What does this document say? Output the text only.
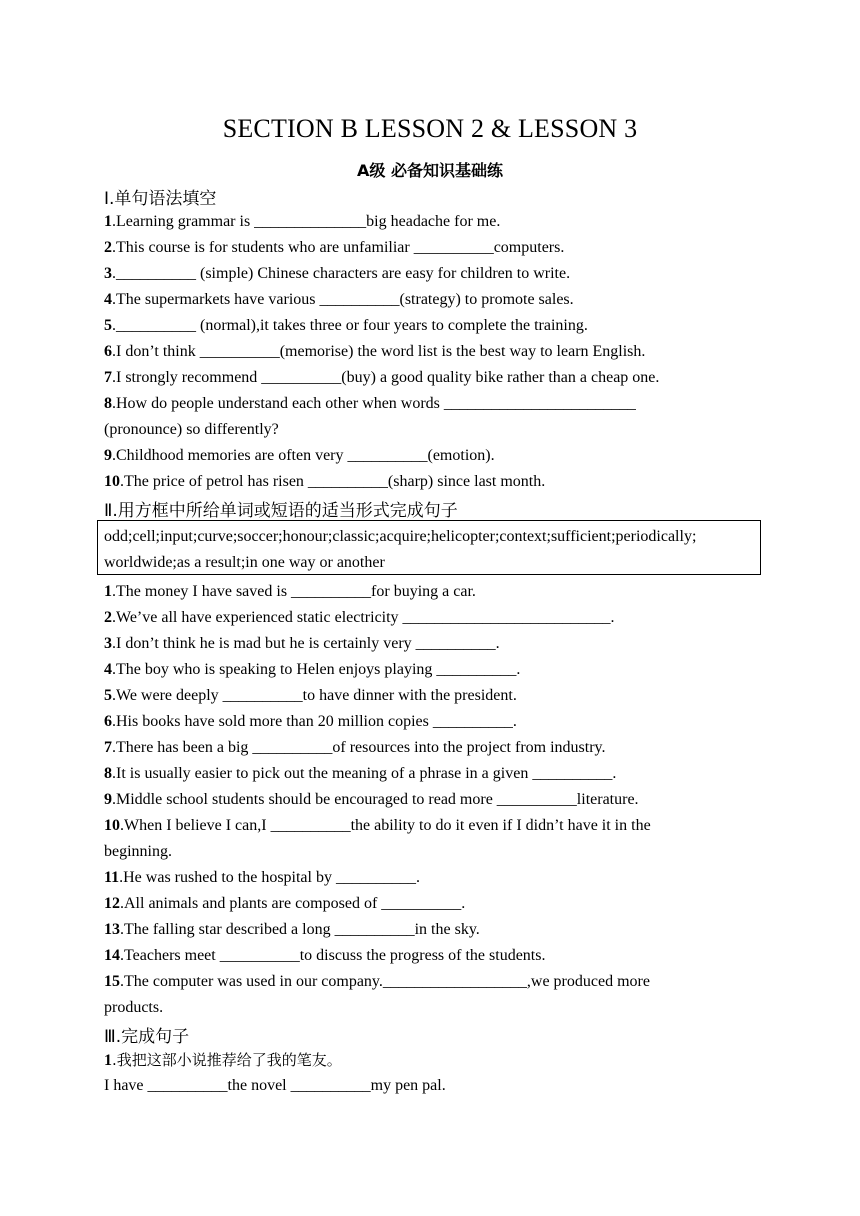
SECTION B LESSON 2 & LESSON 3
A级 必备知识基础练
Ⅰ.单句语法填空
1.Learning grammar is ______________big headache for me.
2.This course is for students who are unfamiliar __________computers.
3.__________ (simple) Chinese characters are easy for children to write.
4.The supermarkets have various __________(strategy) to promote sales.
5.__________ (normal),it takes three or four years to complete the training.
6.I don’t think __________(memorise) the word list is the best way to learn English.
7.I strongly recommend __________(buy) a good quality bike rather than a cheap one.
8.How do people understand each other when words ________________________
(pronounce) so differently?
9.Childhood memories are often very __________(emotion).
10.The price of petrol has risen __________(sharp) since last month.
Ⅱ.用方框中所给单词或短语的适当形式完成句子
odd;cell;input;curve;soccer;honour;classic;acquire;helicopter;context;sufficient;periodically;
worldwide;as a result;in one way or another
1.The money I have saved is __________for buying a car.
2.We’ve all have experienced static electricity __________________________.
3.I don’t think he is mad but he is certainly very __________.
4.The boy who is speaking to Helen enjoys playing __________.
5.We were deeply __________to have dinner with the president.
6.His books have sold more than 20 million copies __________.
7.There has been a big __________of resources into the project from industry.
8.It is usually easier to pick out the meaning of a phrase in a given __________.
9.Middle school students should be encouraged to read more __________literature.
10.When I believe I can,I __________the ability to do it even if I didn’t have it in the
beginning.
11.He was rushed to the hospital by __________.
12.All animals and plants are composed of __________.
13.The falling star described a long __________in the sky.
14.Teachers meet __________to discuss the progress of the students.
15.The computer was used in our company.__________________,we produced more
products.
Ⅲ.完成句子
1.我把这部小说推荐给了我的笔友。
I have __________the novel __________my pen pal.
